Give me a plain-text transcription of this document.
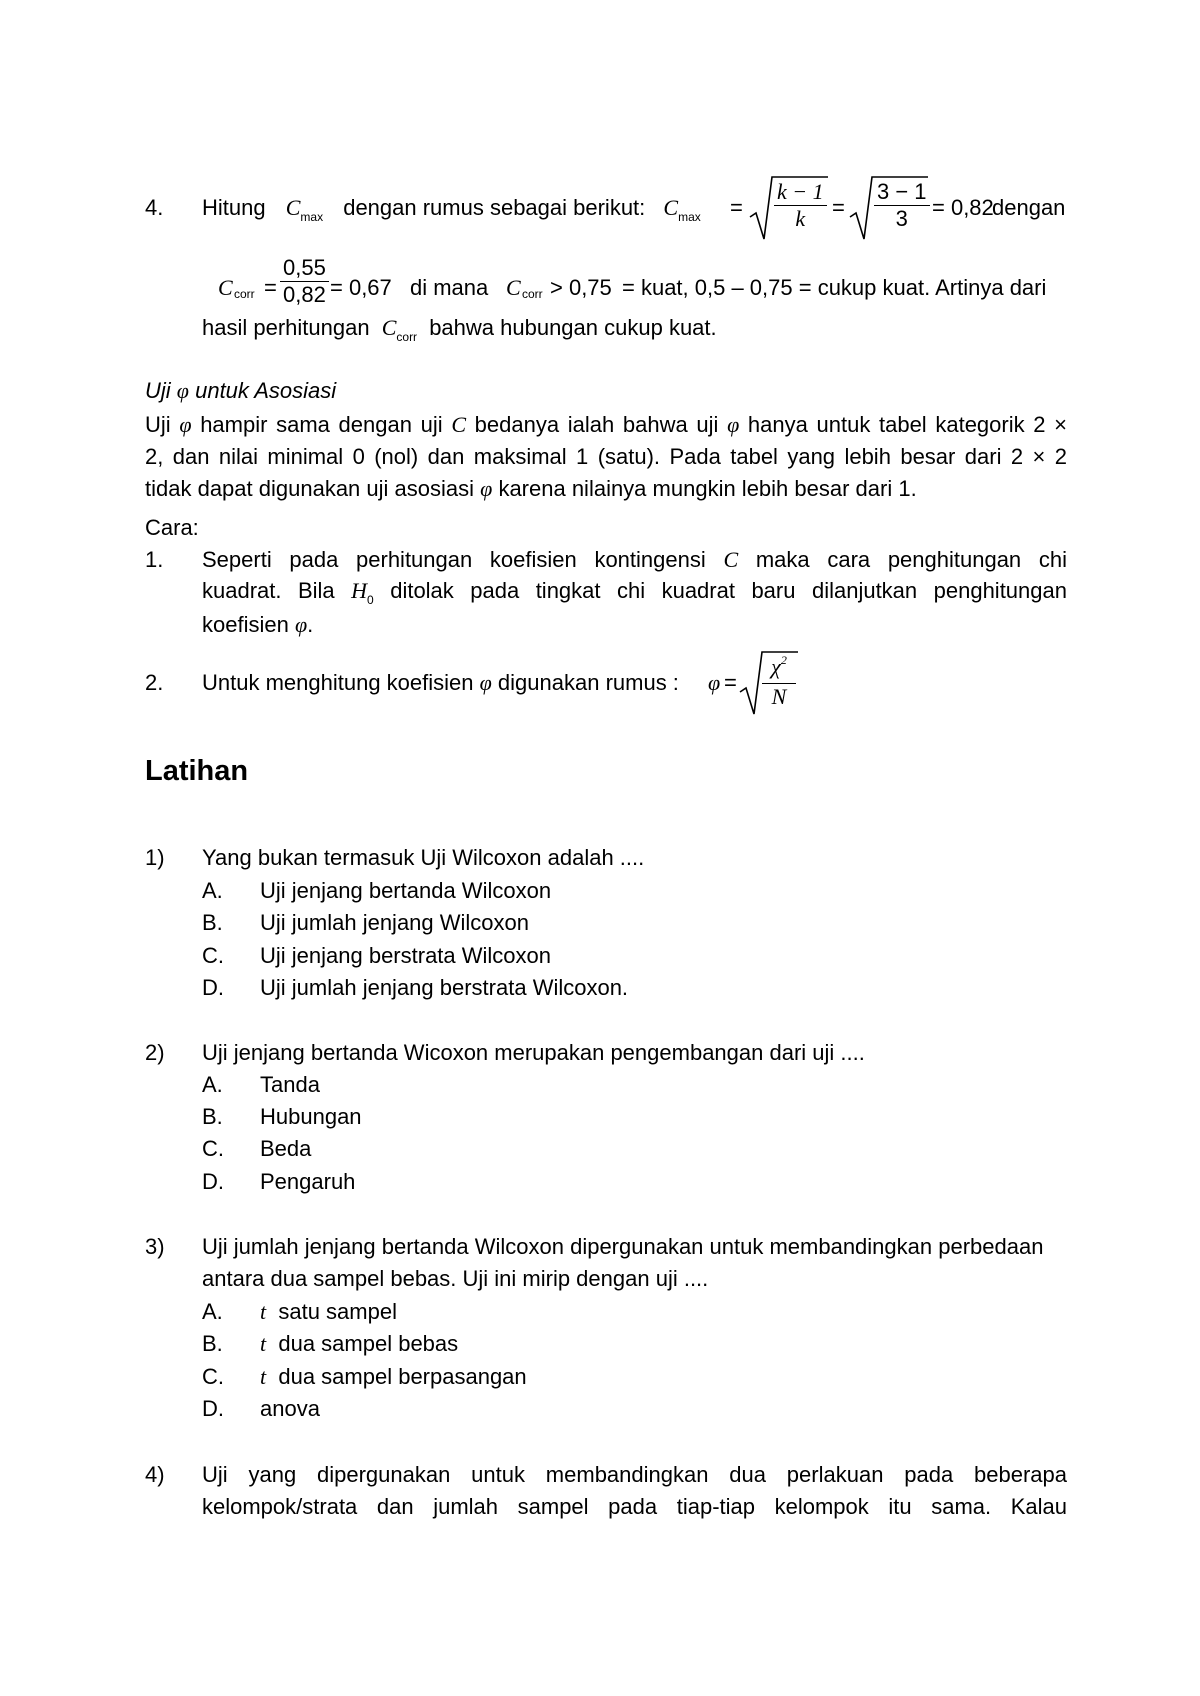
4. Hitung $C_{max}$ dengan rumus sebagai berikut: $C_{max}$	= $\frac{k - 1}{k} = \frac{3 - 1}{3} = 0,82$
dengan
C corr = $\frac{0,55}{0,82} = 0,67$ di mana C corr > 0,75 = kuat, 0,5 – 0,75 = cukup kuat. Artinya dari
hasil perhitungan $C_{corr}$ bahwa hubungan cukup kuat.
Uji φ untuk Asosiasi
Uji φ hampir sama dengan uji C bedanya ialah bahwa uji φ hanya untuk tabel kategorik 2 ×
2, dan nilai minimal 0 (nol) dan maksimal 1 (satu). Pada tabel yang lebih besar dari 2 × 2
tidak dapat digunakan uji asosiasi φ karena nilainya mungkin lebih besar dari 1.
Cara:
1. Seperti pada perhitungan koefisien kontingensi C maka cara penghitungan chi
kuadrat. Bila $H_0$ ditolak pada tingkat chi kuadrat baru dilanjutkan penghitungan
koefisien φ.
2. Untuk menghitung koefisien φ digunakan rumus : $\varphi = \frac{\chi^2}{N}$
Latihan
1) Yang bukan termasuk Uji Wilcoxon adalah ....
A. Uji jenjang bertanda Wilcoxon
B. Uji jumlah jenjang Wilcoxon
C. Uji jenjang berstrata Wilcoxon
D. Uji jumlah jenjang berstrata Wilcoxon.
2) Uji jenjang bertanda Wicoxon merupakan pengembangan dari uji ....
A. Tanda
B. Hubungan
C. Beda
D. Pengaruh
3) Uji jumlah jenjang bertanda Wilcoxon dipergunakan untuk membandingkan perbedaan
antara dua sampel bebas. Uji ini mirip dengan uji ....
A. t satu sampel
B. t dua sampel bebas
C. t dua sampel berpasangan
D. anova
4) Uji yang dipergunakan untuk membandingkan dua perlakuan pada beberapa
kelompok/strata dan jumlah sampel pada tiap-tiap kelompok itu sama. Kalau
